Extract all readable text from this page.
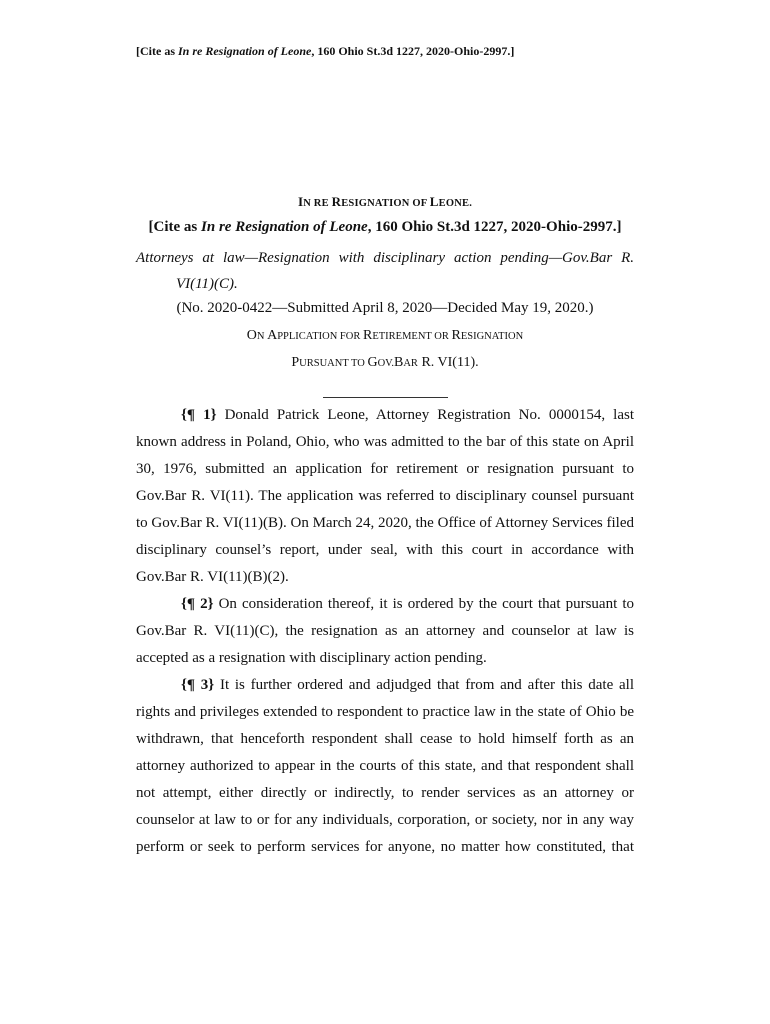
[Cite as In re Resignation of Leone, 160 Ohio St.3d 1227, 2020-Ohio-2997.]
IN RE RESIGNATION OF LEONE.
[Cite as In re Resignation of Leone, 160 Ohio St.3d 1227, 2020-Ohio-2997.]
Attorneys at law—Resignation with disciplinary action pending—Gov.Bar R.
VI(11)(C).
(No. 2020-0422—Submitted April 8, 2020—Decided May 19, 2020.)
ON APPLICATION FOR RETIREMENT OR RESIGNATION
PURSUANT TO GOV.BAR R. VI(11).
{¶ 1} Donald Patrick Leone, Attorney Registration No. 0000154, last
known address in Poland, Ohio, who was admitted to the bar of this state on April
30, 1976, submitted an application for retirement or resignation pursuant to
Gov.Bar R. VI(11). The application was referred to disciplinary counsel pursuant
to Gov.Bar R. VI(11)(B). On March 24, 2020, the Office of Attorney Services filed
disciplinary counsel’s report, under seal, with this court in accordance with
Gov.Bar R. VI(11)(B)(2).
{¶ 2} On consideration thereof, it is ordered by the court that pursuant to
Gov.Bar R. VI(11)(C), the resignation as an attorney and counselor at law is
accepted as a resignation with disciplinary action pending.
{¶ 3} It is further ordered and adjudged that from and after this date all
rights and privileges extended to respondent to practice law in the state of Ohio be
withdrawn, that henceforth respondent shall cease to hold himself forth as an
attorney authorized to appear in the courts of this state, and that respondent shall
not attempt, either directly or indirectly, to render services as an attorney or
counselor at law to or for any individuals, corporation, or society, nor in any way
perform or seek to perform services for anyone, no matter how constituted, that
